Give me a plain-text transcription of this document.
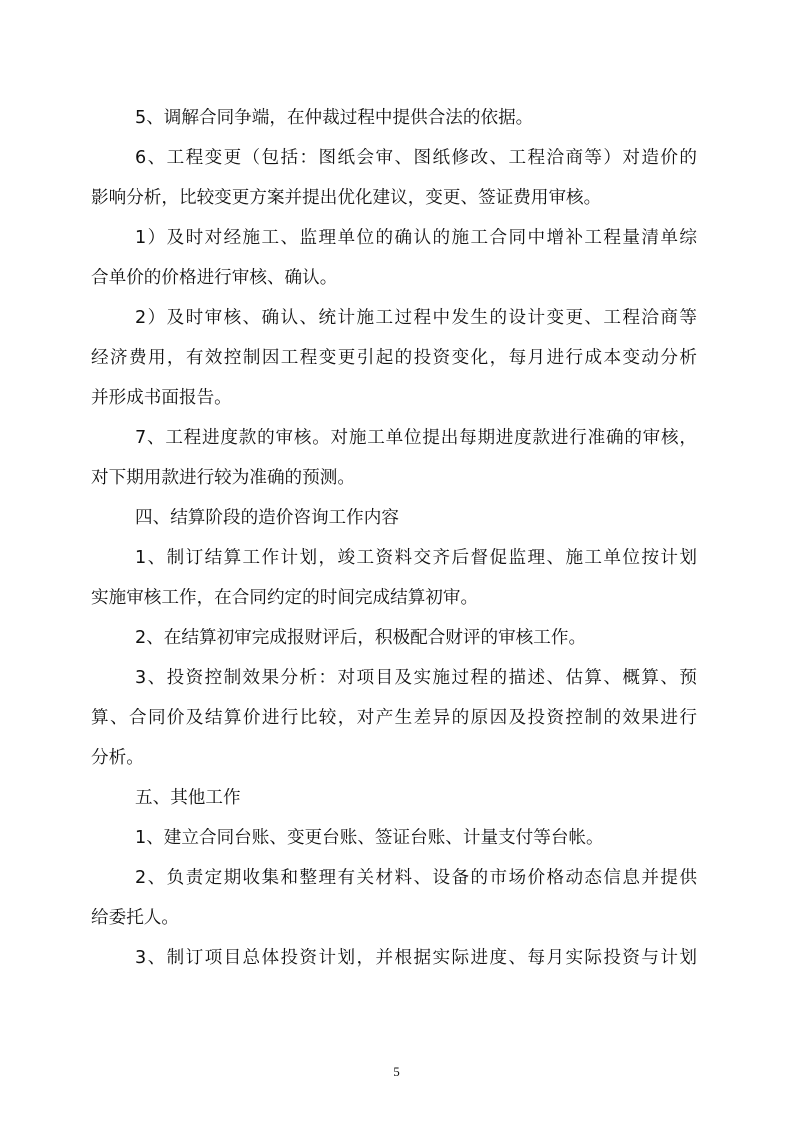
5、调解合同争端，在仲裁过程中提供合法的依据。

6、工程变更（包括：图纸会审、图纸修改、工程洽商等）对造价的

影响分析，比较变更方案并提出优化建议，变更、签证费用审核。

1）及时对经施工、监理单位的确认的施工合同中增补工程量清单综

合单价的价格进行审核、确认。

2）及时审核、确认、统计施工过程中发生的设计变更、工程洽商等

经济费用，有效控制因工程变更引起的投资变化，每月进行成本变动分析

并形成书面报告。

7、工程进度款的审核。对施工单位提出每期进度款进行准确的审核，

对下期用款进行较为准确的预测。

四、结算阶段的造价咨询工作内容

1、制订结算工作计划，竣工资料交齐后督促监理、施工单位按计划

实施审核工作，在合同约定的时间完成结算初审。

2、在结算初审完成报财评后，积极配合财评的审核工作。

3、投资控制效果分析：对项目及实施过程的描述、估算、概算、预

算、合同价及结算价进行比较，对产生差异的原因及投资控制的效果进行

分析。

五、其他工作

1、建立合同台账、变更台账、签证台账、计量支付等台帐。

2、负责定期收集和整理有关材料、设备的市场价格动态信息并提供

给委托人。

3、制订项目总体投资计划，并根据实际进度、每月实际投资与计划

5
